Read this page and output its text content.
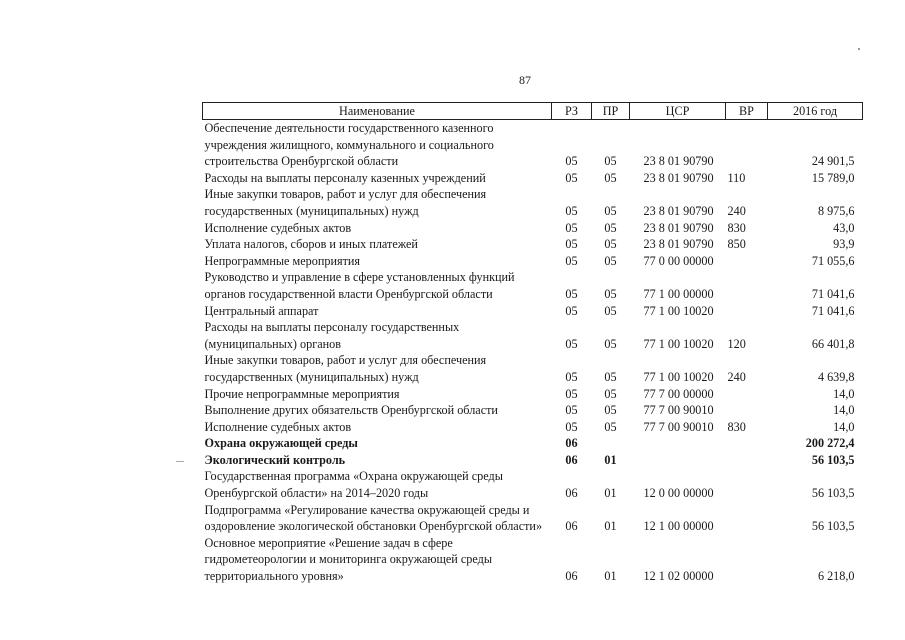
87
Наименование	РЗ	ПР	ЦСР	ВР	2016 год
Обеспечение деятельности государственного казенного учреждения жилищного, коммунального и социального строительства Оренбургской области	05	05	23 8 01 90790		24 901,5
Расходы на выплаты персоналу казенных учреждений	05	05	23 8 01 90790	110	15 789,0
Иные закупки товаров, работ и услуг для обеспечения государственных (муниципальных) нужд	05	05	23 8 01 90790	240	8 975,6
Исполнение судебных актов	05	05	23 8 01 90790	830	43,0
Уплата налогов, сборов и иных платежей	05	05	23 8 01 90790	850	93,9
Непрограммные мероприятия	05	05	77 0 00 00000		71 055,6
Руководство и управление в сфере установленных функций органов государственной власти Оренбургской области	05	05	77 1 00 00000		71 041,6
Центральный аппарат	05	05	77 1 00 10020		71 041,6
Расходы на выплаты персоналу государственных (муниципальных) органов	05	05	77 1 00 10020	120	66 401,8
Иные закупки товаров, работ и услуг для обеспечения государственных (муниципальных) нужд	05	05	77 1 00 10020	240	4 639,8
Прочие непрограммные мероприятия	05	05	77 7 00 00000		14,0
Выполнение других обязательств Оренбургской области	05	05	77 7 00 90010		14,0
Исполнение судебных актов	05	05	77 7 00 90010	830	14,0
Охрана окружающей среды	06				200 272,4
Экологический контроль	06	01			56 103,5
Государственная программа «Охрана окружающей среды Оренбургской области» на 2014–2020 годы	06	01	12 0 00 00000		56 103,5
Подпрограмма «Регулирование качества окружающей среды и оздоровление экологической обстановки Оренбургской области»	06	01	12 1 00 00000		56 103,5
Основное мероприятие «Решение задач в сфере гидрометеорологии и мониторинга окружающей среды территориального уровня»	06	01	12 1 02 00000		6 218,0
